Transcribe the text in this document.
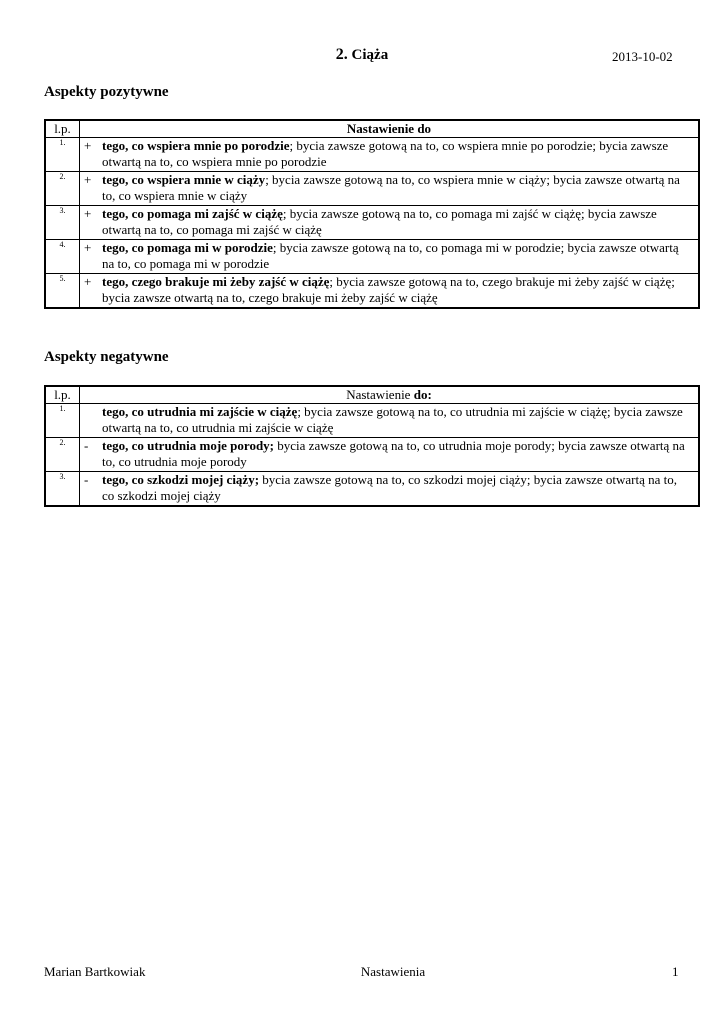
2. Ciąża	2013-10-02
Aspekty pozytywne
l.p.	Nastawienie do
1.	+ tego, co wspiera mnie po porodzie; bycia zawsze gotową na to, co wspiera mnie po porodzie; bycia zawsze otwartą na to, co wspiera mnie po porodzie

2.	+ tego, co wspiera mnie w ciąży; bycia zawsze gotową na to, co wspiera mnie w ciąży; bycia zawsze otwartą na to, co wspiera mnie w ciąży

3.	+ tego, co pomaga mi zajść w ciążę; bycia zawsze gotową na to, co pomaga mi zajść w ciążę; bycia zawsze otwartą na to, co pomaga mi zajść w ciążę

4.	+ tego, co pomaga mi w porodzie; bycia zawsze gotową na to, co pomaga mi w porodzie; bycia zawsze otwartą na to, co pomaga mi w porodzie

5.	+ tego, czego brakuje mi żeby zajść w ciążę; bycia zawsze gotową na to, czego brakuje mi żeby zajść w ciążę; bycia zawsze otwartą na to, czego brakuje mi żeby zajść w ciążę
Aspekty negatywne
l.p.	Nastawienie do:
1.	tego, co utrudnia mi zajście w ciążę; bycia zawsze gotową na to, co utrudnia mi zajście w ciążę; bycia zawsze otwartą na to, co utrudnia mi zajście w ciążę

2.	- tego, co utrudnia moje porody; bycia zawsze gotową na to, co utrudnia moje porody; bycia zawsze otwartą na to, co utrudnia moje porody

3.	- tego, co szkodzi mojej ciąży; bycia zawsze gotową na to, co szkodzi mojej ciąży; bycia zawsze otwartą na to, co szkodzi mojej ciąży
Marian Bartkowiak	Nastawienia	1
